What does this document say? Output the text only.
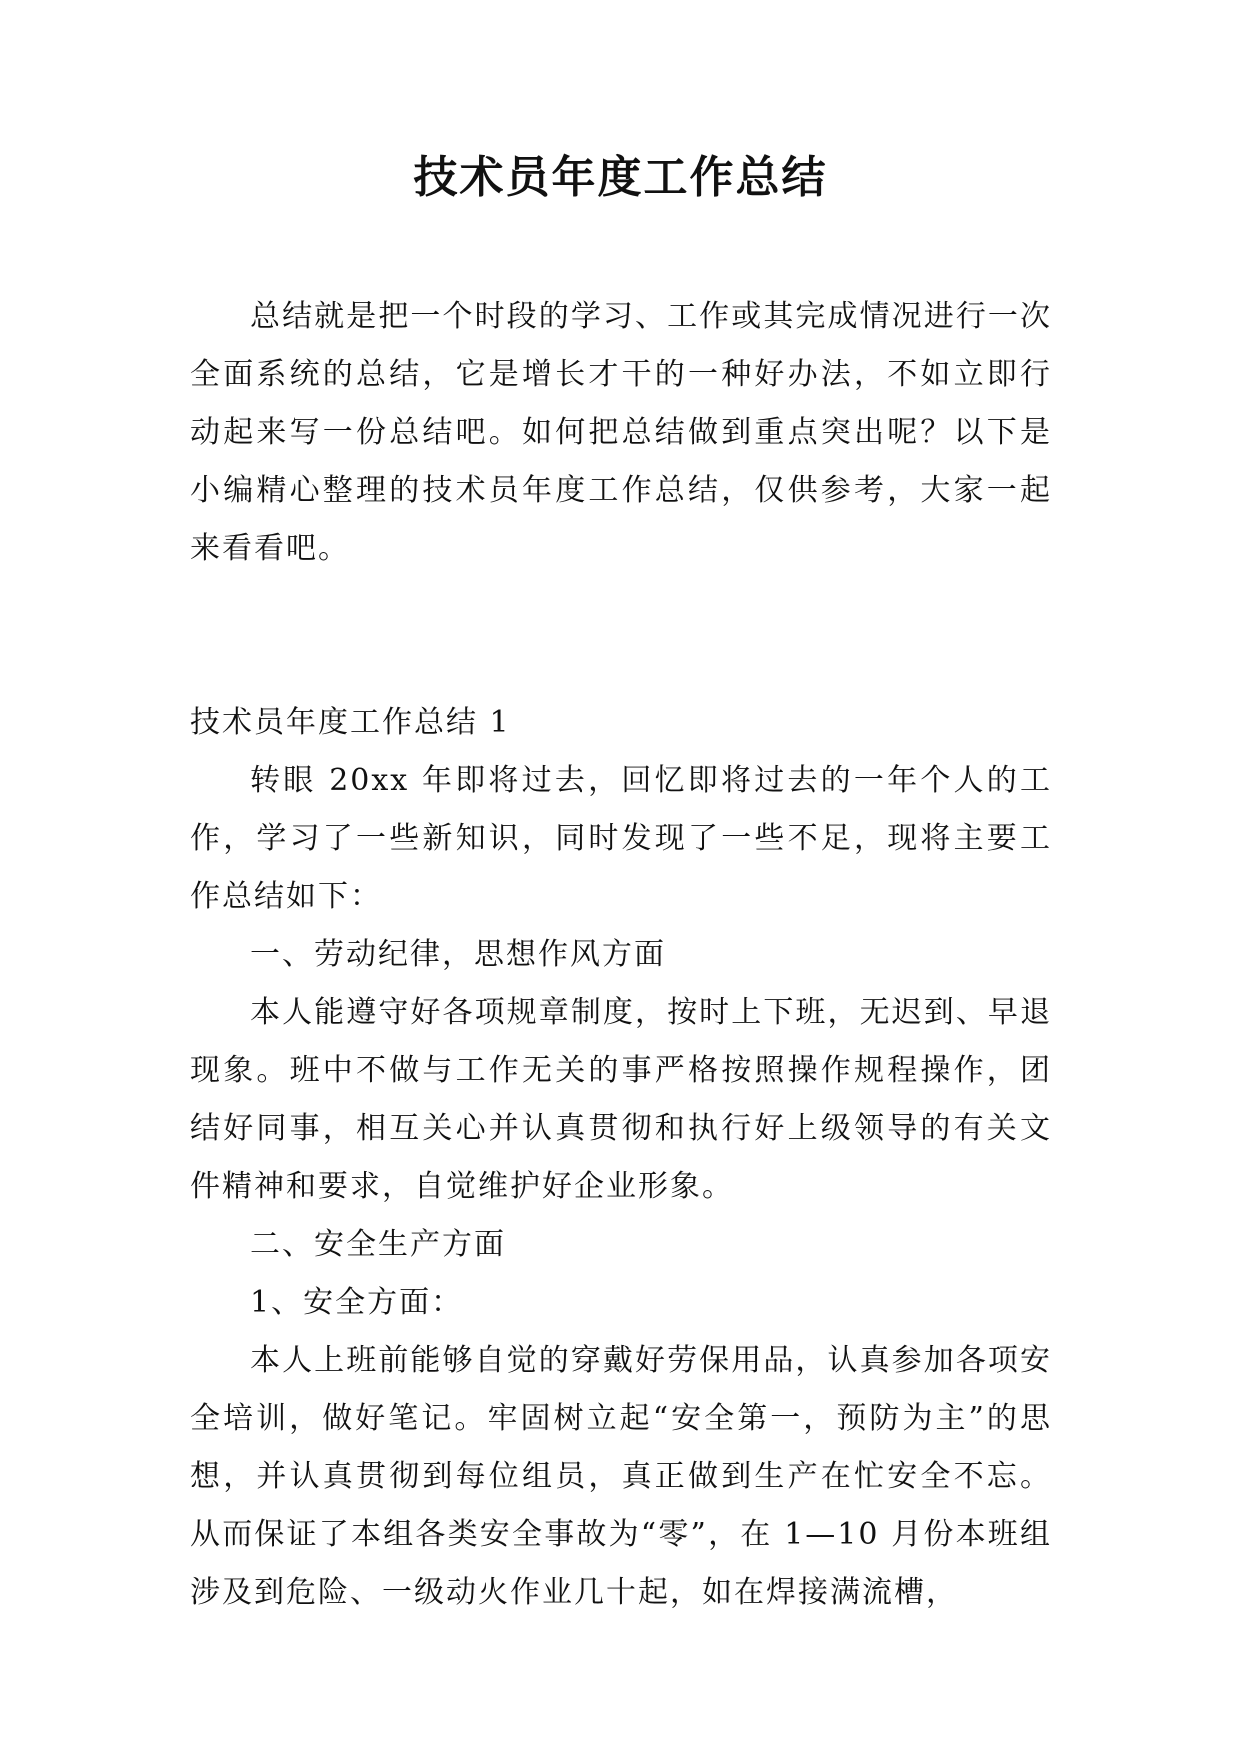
技术员年度工作总结

总结就是把一个时段的学习、工作或其完成情况进行一次全面系统的总结，它是增长才干的一种好办法，不如立即行动起来写一份总结吧。如何把总结做到重点突出呢？以下是小编精心整理的技术员年度工作总结，仅供参考，大家一起来看看吧。

技术员年度工作总结 1

转眼 20xx 年即将过去，回忆即将过去的一年个人的工作，学习了一些新知识，同时发现了一些不足，现将主要工作总结如下：

一、劳动纪律，思想作风方面

本人能遵守好各项规章制度，按时上下班，无迟到、早退现象。班中不做与工作无关的事严格按照操作规程操作，团结好同事，相互关心并认真贯彻和执行好上级领导的有关文件精神和要求，自觉维护好企业形象。

二、安全生产方面

1、安全方面：

本人上班前能够自觉的穿戴好劳保用品，认真参加各项安全培训，做好笔记。牢固树立起“安全第一，预防为主”的思想，并认真贯彻到每位组员，真正做到生产在忙安全不忘。从而保证了本组各类安全事故为“零”，在 1—10 月份本班组涉及到危险、一级动火作业几十起，如在焊接满流槽，
